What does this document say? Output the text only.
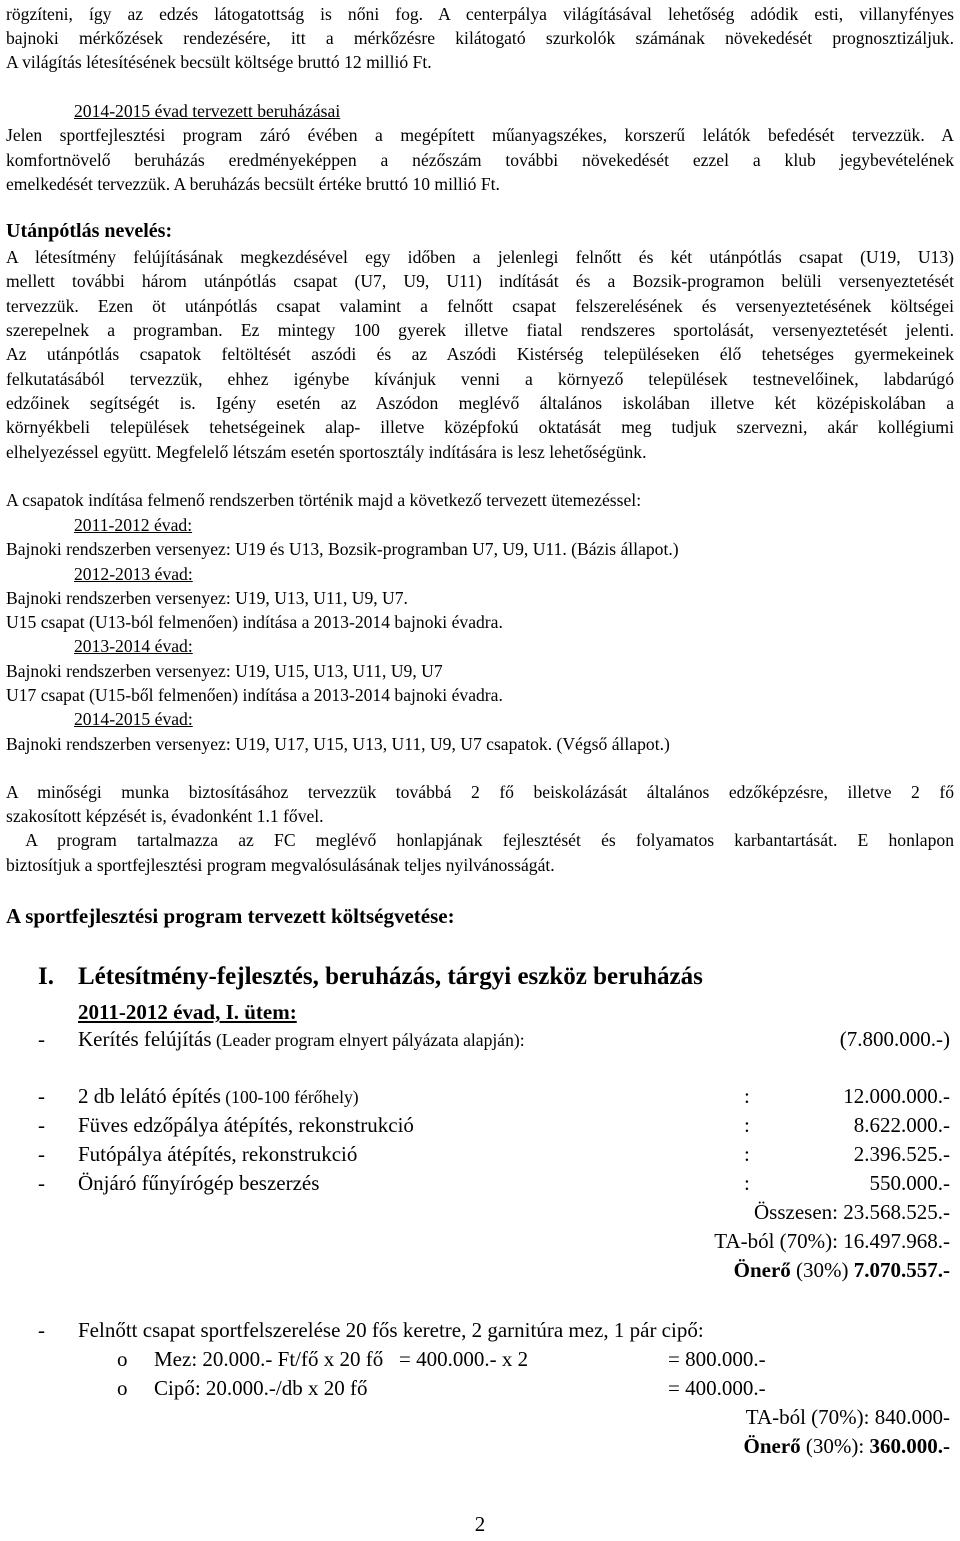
rögzíteni, így az edzés látogatottság is nőni fog. A centerpálya világításával lehetőség adódik esti, villanyfényes
bajnoki mérkőzések rendezésére, itt a mérkőzésre kilátogató szurkolók számának növekedését prognosztizáljuk.
A világítás létesítésének becsült költsége bruttó 12 millió Ft.
2014-2015 évad tervezett beruházásai
Jelen sportfejlesztési program záró évében a megépített műanyagszékes, korszerű lelátók befedését tervezzük. A
komfortnövelő beruházás eredményeképpen a nézőszám további növekedését ezzel a klub jegybevételének
emelkedését tervezzük. A beruházás becsült értéke bruttó 10 millió Ft.
Utánpótlás nevelés:
A létesítmény felújításának megkezdésével egy időben a jelenlegi felnőtt és két utánpótlás csapat (U19, U13)
mellett további három utánpótlás csapat (U7, U9, U11) indítását és a Bozsik-programon belüli versenyeztetését
tervezzük. Ezen öt utánpótlás csapat valamint a felnőtt csapat felszerelésének és versenyeztetésének költségei
szerepelnek a programban. Ez mintegy 100 gyerek illetve fiatal rendszeres sportolását, versenyeztetését jelenti.
Az utánpótlás csapatok feltöltését aszódi és az Aszódi Kistérség településeken élő tehetséges gyermekeinek
felkutatásából tervezzük, ehhez igénybe kívánjuk venni a környező települések testnevelőinek, labdarúgó
edzőinek segítségét is. Igény esetén az Aszódon meglévő általános iskolában illetve két középiskolában a
környékbeli települések tehetségeinek alap- illetve középfokú oktatását meg tudjuk szervezni, akár kollégiumi
elhelyezéssel együtt. Megfelelő létszám esetén sportosztály indítására is lesz lehetőségünk.
A csapatok indítása felmenő rendszerben történik majd a következő tervezett ütemezéssel:
2011-2012 évad:
Bajnoki rendszerben versenyez: U19 és U13, Bozsik-programban U7, U9, U11. (Bázis állapot.)
2012-2013 évad:
Bajnoki rendszerben versenyez: U19, U13, U11, U9, U7.
U15 csapat (U13-ból felmenően) indítása a 2013-2014 bajnoki évadra.
2013-2014 évad:
Bajnoki rendszerben versenyez: U19, U15, U13, U11, U9, U7
U17 csapat (U15-ből felmenően) indítása a 2013-2014 bajnoki évadra.
2014-2015 évad:
Bajnoki rendszerben versenyez: U19, U17, U15, U13, U11, U9, U7 csapatok. (Végső állapot.)
A minőségi munka biztosításához tervezzük továbbá 2 fő beiskolázását általános edzőképzésre, illetve 2 fő
szakosított képzését is, évadonként 1.1 fővel.
A program tartalmazza az FC meglévő honlapjának fejlesztését és folyamatos karbantartását. E honlapon
biztosítjuk a sportfejlesztési program megvalósulásának teljes nyilvánosságát.
A sportfejlesztési program tervezett költségvetése:
I. Létesítmény-fejlesztés, beruházás, tárgyi eszköz beruházás
2011-2012 évad, I. ütem:
- Kerítés felújítás (Leader program elnyert pályázata alapján):	(7.800.000.-)
- 2 db lelátó építés (100-100 férőhely)	:	12.000.000.-
- Füves edzőpálya átépítés, rekonstrukció	:	8.622.000.-
- Futópálya átépítés, rekonstrukció	:	2.396.525.-
- Önjáró fűnyírógép beszerzés	:	550.000.-
Összesen: 23.568.525.-
TA-ból (70%): 16.497.968.-
Önerő (30%) 7.070.557.-
- Felnőtt csapat sportfelszerelése 20 fős keretre, 2 garnitúra mez, 1 pár cipő:
o Mez: 20.000.- Ft/fő x 20 fő   = 400.000.- x 2	= 800.000.-
o Cipő: 20.000.-/db x 20 fő	= 400.000.-
TA-ból (70%): 840.000-
Önerő (30%): 360.000.-
2
